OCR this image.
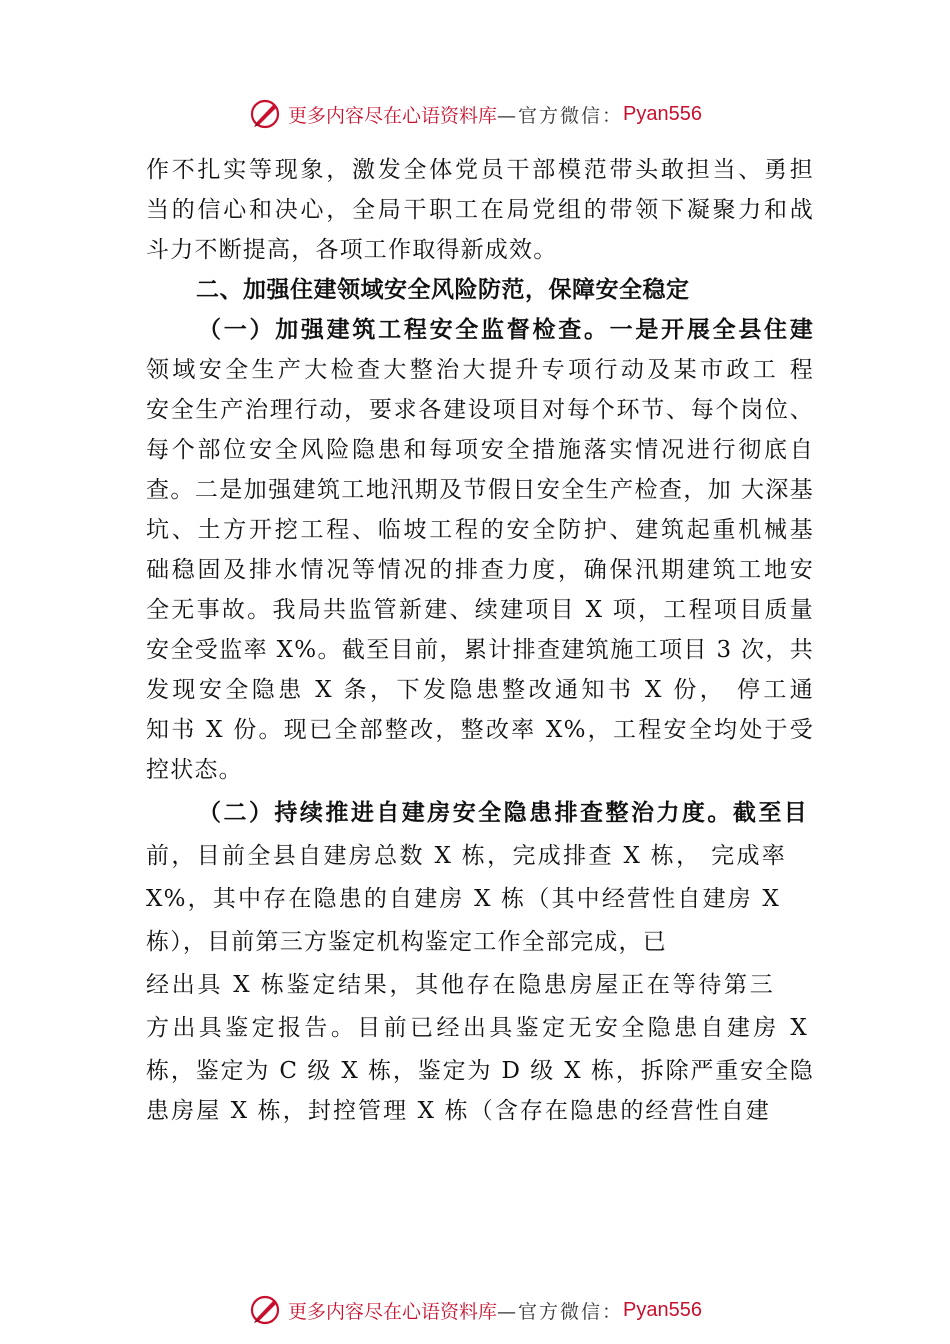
更多内容尽在心语资料库 —官方微信： Pyan556
作不扎实等现象，激发全体党员干部模范带头敢担当、勇担
当的信心和决心，全局干职工在局党组的带领下凝聚力和战
斗力不断提高，各项工作取得新成效。
二、加强住建领域安全风险防范，保障安全稳定
（一）加强建筑工程安全监督检查。一是开展全县住建
领域安全生产大检查大整治大提升专项行动及某市政工 程
安全生产治理行动，要求各建设项目对每个环节、每个岗位、
每个部位安全风险隐患和每项安全措施落实情况进行彻底自
查。二是加强建筑工地汛期及节假日安全生产检查，加 大深基
坑、土方开挖工程、临坡工程的安全防护、建筑起重机械基
础稳固及排水情况等情况的排查力度，确保汛期建筑工地安
全无事故。我局共监管新建、续建项目 X 项，工程项目质量
安全受监率 X%。截至目前，累计排查建筑施工项目 3 次，共
发现安全隐患 X 条，下发隐患整改通知书 X 份， 停工通
知书 X 份。现已全部整改，整改率 X%，工程安全均处于受
控状态。
（二）持续推进自建房安全隐患排查整治力度。截至目
前，目前全县自建房总数 X 栋，完成排查 X 栋， 完成率
X%，其中存在隐患的自建房 X 栋（其中经营性自建房 X
栋），目前第三方鉴定机构鉴定工作全部完成，已
经出具 X 栋鉴定结果，其他存在隐患房屋正在等待第三
方出具鉴定报告。目前已经出具鉴定无安全隐患自建房 X
栋，鉴定为 C 级 X 栋，鉴定为 D 级 X 栋，拆除严重安全隐
患房屋 X 栋，封控管理 X 栋（含存在隐患的经营性自建
更多内容尽在心语资料库 —官方微信： Pyan556
